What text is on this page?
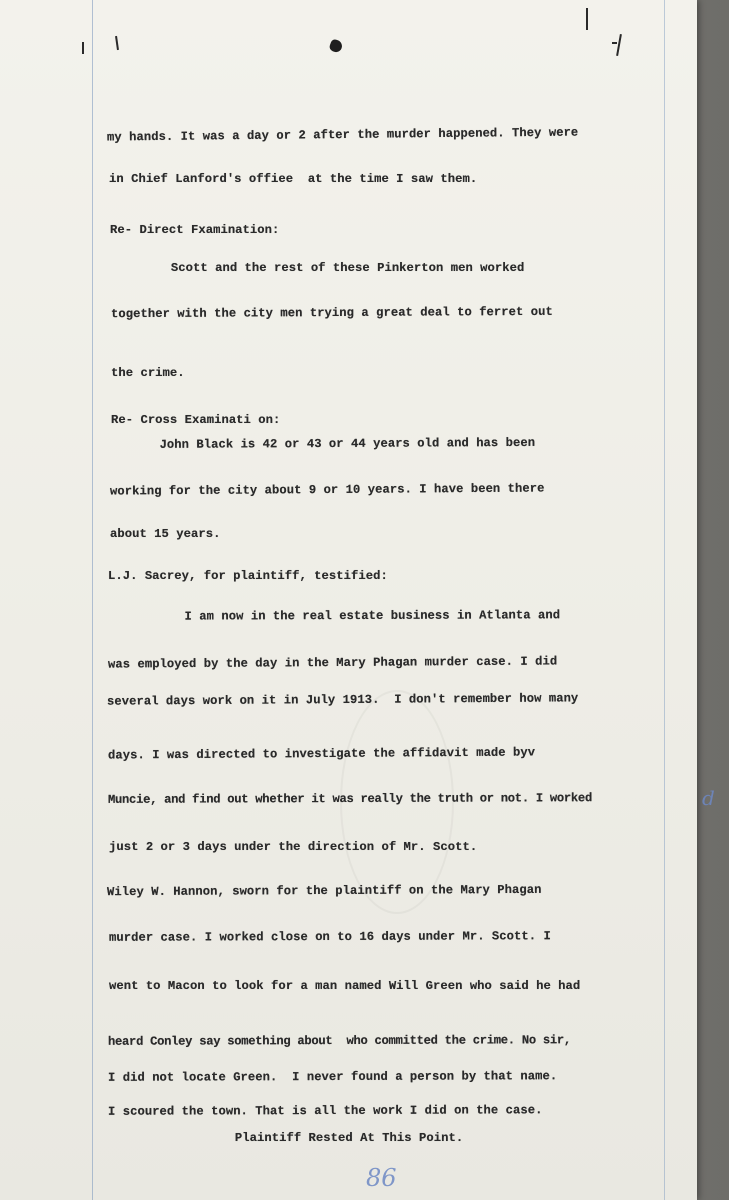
my hands. It was a day or 2 after the murder happened. They were

in Chief Lanford's offiee  at the time I saw them.

Re- Direct Fxamination:

Scott and the rest of these Pinkerton men worked

together with the city men trying a great deal to ferret out

the crime.

Re- Cross Examinati on:

John Black is 42 or 43 or 44 years old and has been

working for the city about 9 or 10 years. I have been there

about 15 years.

L.J. Sacrey, for plaintiff, testified:

I am now in the real estate business in Atlanta and

was employed by the day in the Mary Phagan murder case. I did

several days work on it in July 1913.  I don't remember how many

days. I was directed to investigate the affidavit made byv

Muncie, and find out whether it was really the truth or not. I worked

just 2 or 3 days under the direction of Mr. Scott.

Wiley W. Hannon, sworn for the plaintiff on the Mary Phagan

murder case. I worked close on to 16 days under Mr. Scott. I

went to Macon to look for a man named Will Green who said he had

heard Conley say something about  who committed the crime. No sir,

I did not locate Green.  I never found a person by that name.

I scoured the town. That is all the work I did on the case.

Plaintiff Rested At This Point.

d

86
